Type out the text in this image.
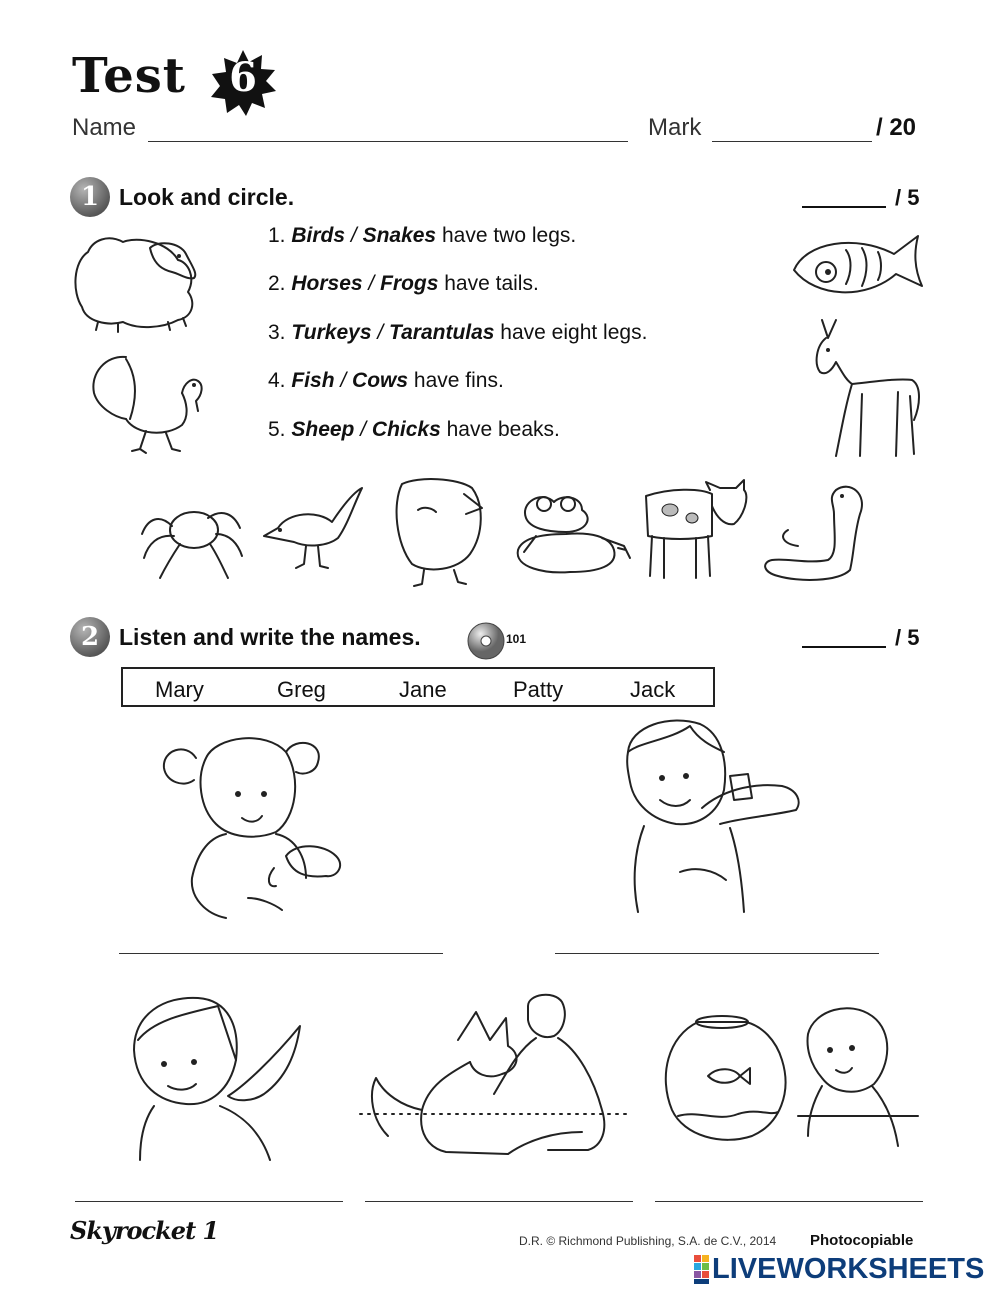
Test 6
Name	Mark	/ 20
1 Look and circle.	/ 5
1. Birds / Snakes have two legs.
2. Horses / Frogs have tails.
3. Turkeys / Tarantulas have eight legs.
4. Fish / Cows have fins.
5. Sheep / Chicks have beaks.
2 Listen and write the names.	101	/ 5
Mary	Greg	Jane	Patty	Jack
Skyrocket 1	D.R. © Richmond Publishing, S.A. de C.V., 2014 Photocopiable
LIVEWORKSHEETS
